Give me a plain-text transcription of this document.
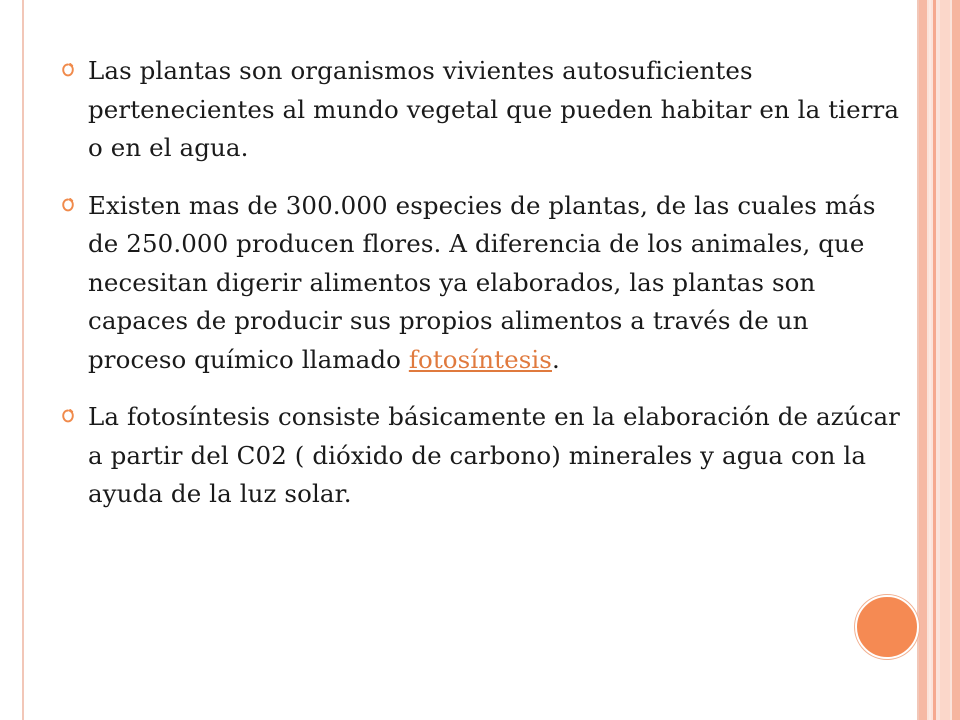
Las plantas son organismos vivientes autosuficientes pertenecientes al mundo vegetal que pueden habitar en la tierra o en el agua.
Existen mas de 300.000 especies de plantas, de las cuales más de 250.000 producen flores. A diferencia de los animales, que necesitan digerir alimentos ya elaborados, las plantas son capaces de producir sus propios alimentos a través de un proceso químico llamado fotosíntesis.
La fotosíntesis consiste básicamente en la elaboración de azúcar a partir del C02 ( dióxido de carbono) minerales y agua con la ayuda de la luz solar.
